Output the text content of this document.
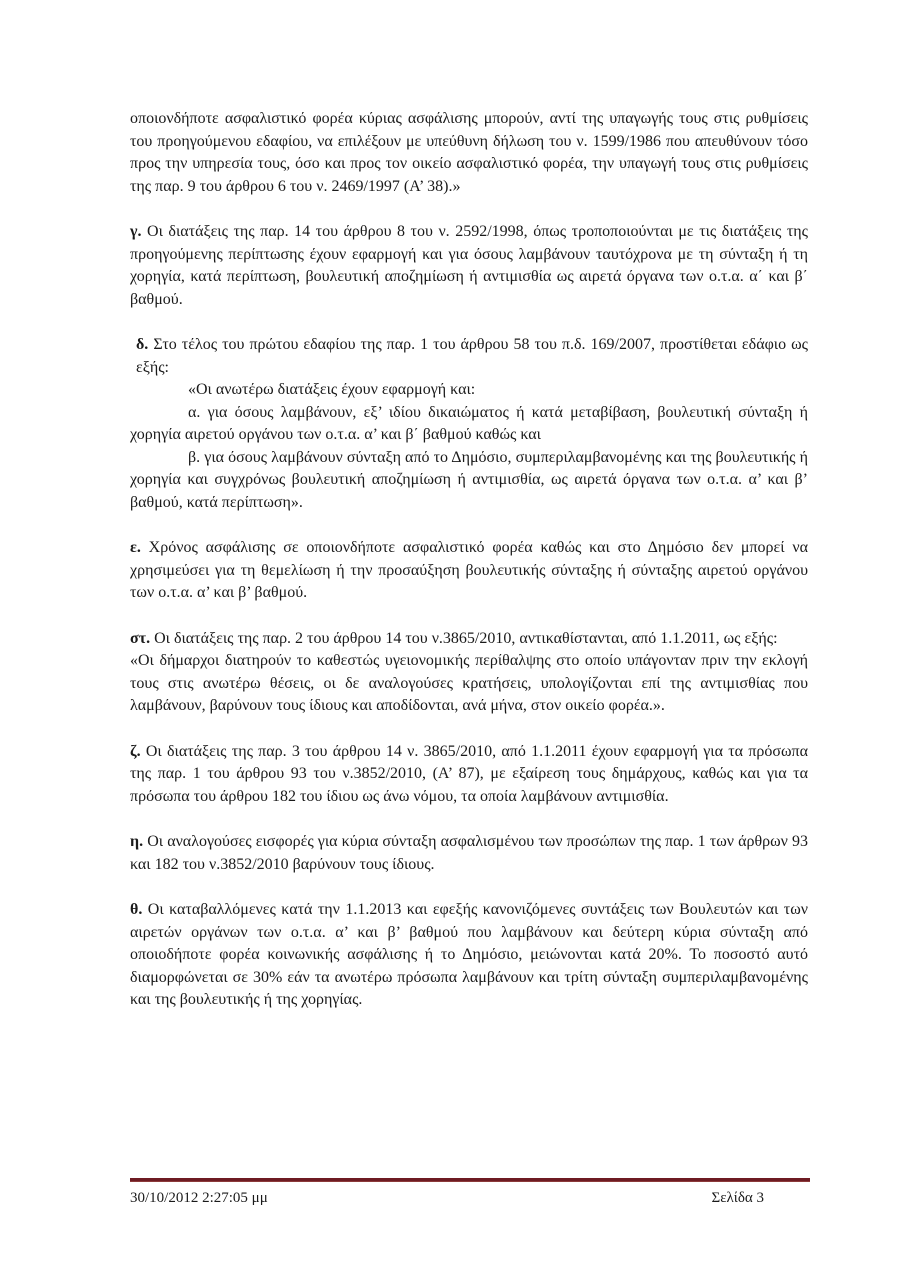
οποιονδήποτε ασφαλιστικό φορέα κύριας ασφάλισης μπορούν, αντί της υπαγωγής τους στις ρυθμίσεις του προηγούμενου εδαφίου, να επιλέξουν με υπεύθυνη δήλωση του ν. 1599/1986 που απευθύνουν τόσο προς την υπηρεσία τους, όσο και προς τον οικείο ασφαλιστικό φορέα, την υπαγωγή τους στις ρυθμίσεις της παρ. 9 του άρθρου 6 του ν. 2469/1997 (Α’ 38).»

γ. Οι διατάξεις της παρ. 14 του άρθρου 8 του ν. 2592/1998, όπως τροποποιούνται με τις διατάξεις της προηγούμενης περίπτωσης έχουν εφαρμογή και για όσους λαμβάνουν ταυτόχρονα με τη σύνταξη ή τη χορηγία, κατά περίπτωση, βουλευτική αποζημίωση ή αντιμισθία ως αιρετά όργανα των ο.τ.α. α΄ και β΄ βαθμού.

δ. Στο τέλος του πρώτου εδαφίου της παρ. 1 του άρθρου 58 του π.δ. 169/2007, προστίθεται εδάφιο ως εξής:

«Οι ανωτέρω διατάξεις έχουν εφαρμογή και:

α. για όσους λαμβάνουν, εξ’ ιδίου δικαιώματος ή κατά μεταβίβαση, βουλευτική σύνταξη ή χορηγία αιρετού οργάνου των ο.τ.α. α’ και β΄ βαθμού καθώς και

β. για όσους λαμβάνουν σύνταξη από το Δημόσιο, συμπεριλαμβανομένης και της βουλευτικής ή χορηγία και συγχρόνως βουλευτική αποζημίωση ή αντιμισθία, ως αιρετά όργανα των ο.τ.α. α’ και β’ βαθμού, κατά περίπτωση».

ε. Χρόνος ασφάλισης σε οποιονδήποτε ασφαλιστικό φορέα καθώς και στο Δημόσιο δεν μπορεί να χρησιμεύσει για τη θεμελίωση ή την προσαύξηση βουλευτικής σύνταξης ή σύνταξης αιρετού οργάνου των ο.τ.α. α’ και β’ βαθμού.

στ. Οι διατάξεις της παρ. 2 του άρθρου 14 του ν.3865/2010, αντικαθίστανται, από 1.1.2011, ως εξής:

«Οι δήμαρχοι διατηρούν το καθεστώς υγειονομικής περίθαλψης στο οποίο υπάγονταν πριν την εκλογή τους στις ανωτέρω θέσεις, οι δε αναλογούσες κρατήσεις, υπολογίζονται επί της αντιμισθίας που λαμβάνουν, βαρύνουν τους ίδιους και αποδίδονται, ανά μήνα, στον οικείο φορέα.».

ζ. Οι διατάξεις της παρ. 3 του άρθρου 14 ν. 3865/2010, από 1.1.2011 έχουν εφαρμογή για τα πρόσωπα της παρ. 1 του άρθρου 93 του ν.3852/2010, (Α’ 87), με εξαίρεση τους δημάρχους, καθώς και για τα πρόσωπα του άρθρου 182 του ίδιου ως άνω νόμου, τα οποία λαμβάνουν αντιμισθία.

η. Οι αναλογούσες εισφορές για κύρια σύνταξη ασφαλισμένου των προσώπων της παρ. 1 των άρθρων 93 και 182 του ν.3852/2010 βαρύνουν τους ίδιους.

θ. Οι καταβαλλόμενες κατά την 1.1.2013 και εφεξής κανονιζόμενες συντάξεις των Βουλευτών και των αιρετών οργάνων των ο.τ.α. α’ και β’ βαθμού που λαμβάνουν και δεύτερη κύρια σύνταξη από οποιοδήποτε φορέα κοινωνικής ασφάλισης ή το Δημόσιο, μειώνονται κατά 20%. Το ποσοστό αυτό διαμορφώνεται σε 30% εάν τα ανωτέρω πρόσωπα λαμβάνουν και τρίτη σύνταξη συμπεριλαμβανομένης και της βουλευτικής ή της χορηγίας.

30/10/2012 2:27:05 μμ	Σελίδα 3
